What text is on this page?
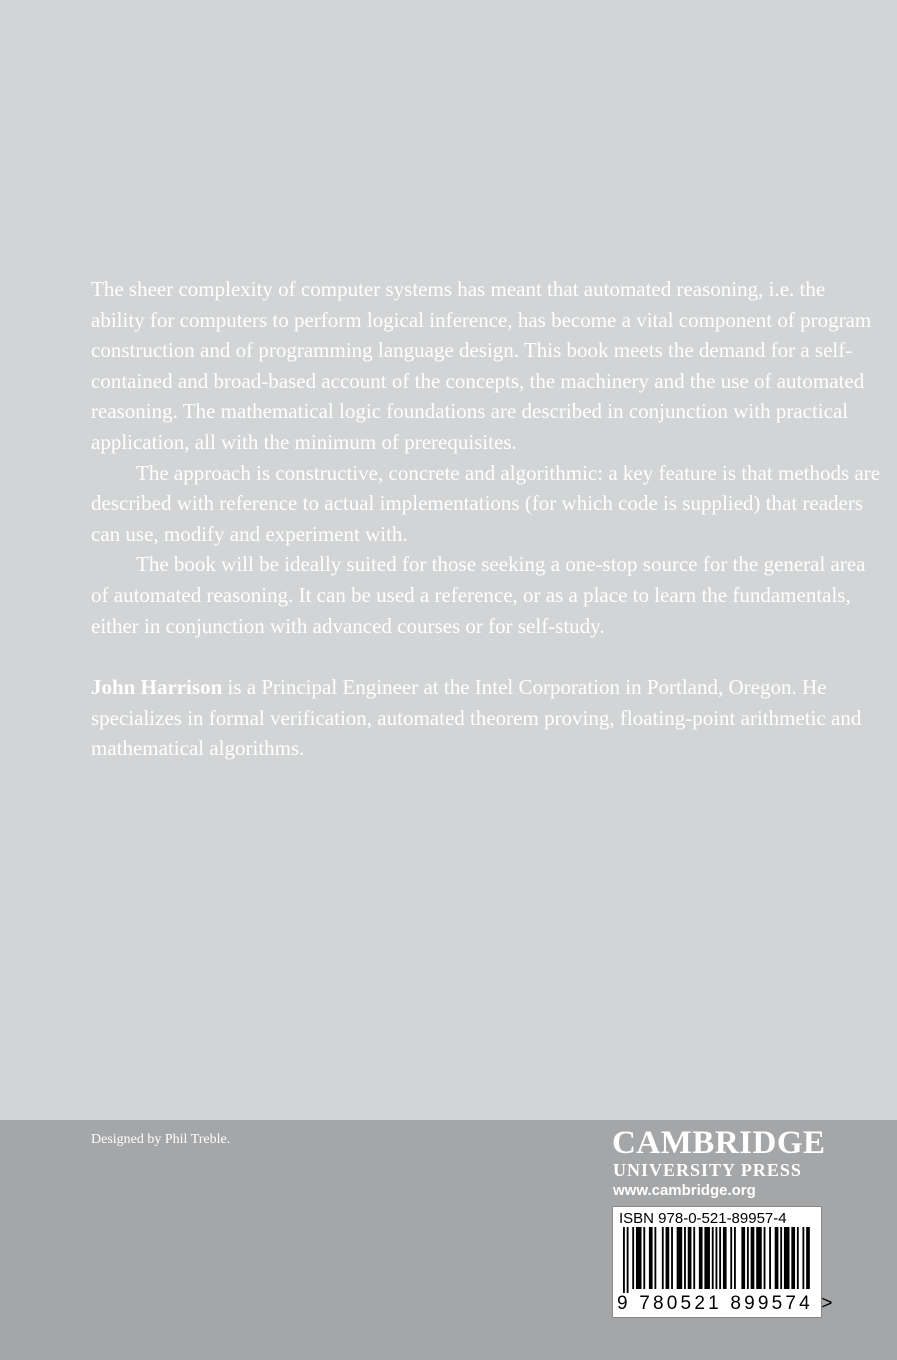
The sheer complexity of computer systems has meant that automated reasoning, i.e. the ability for computers to perform logical inference, has become a vital component of program construction and of programming language design. This book meets the demand for a self-contained and broad-based account of the concepts, the machinery and the use of automated reasoning. The mathematical logic foundations are described in conjunction with practical application, all with the minimum of prerequisites.

The approach is constructive, concrete and algorithmic: a key feature is that methods are described with reference to actual implementations (for which code is supplied) that readers can use, modify and experiment with.

The book will be ideally suited for those seeking a one-stop source for the general area of automated reasoning. It can be used a reference, or as a place to learn the fundamentals, either in conjunction with advanced courses or for self-study.

John Harrison is a Principal Engineer at the Intel Corporation in Portland, Oregon. He specializes in formal verification, automated theorem proving, floating-point arithmetic and mathematical algorithms.

Designed by Phil Treble.	CAMBRIDGE
UNIVERSITY PRESS
www.cambridge.org
ISBN 978-0-521-89957-4
9 780521 899574 >
